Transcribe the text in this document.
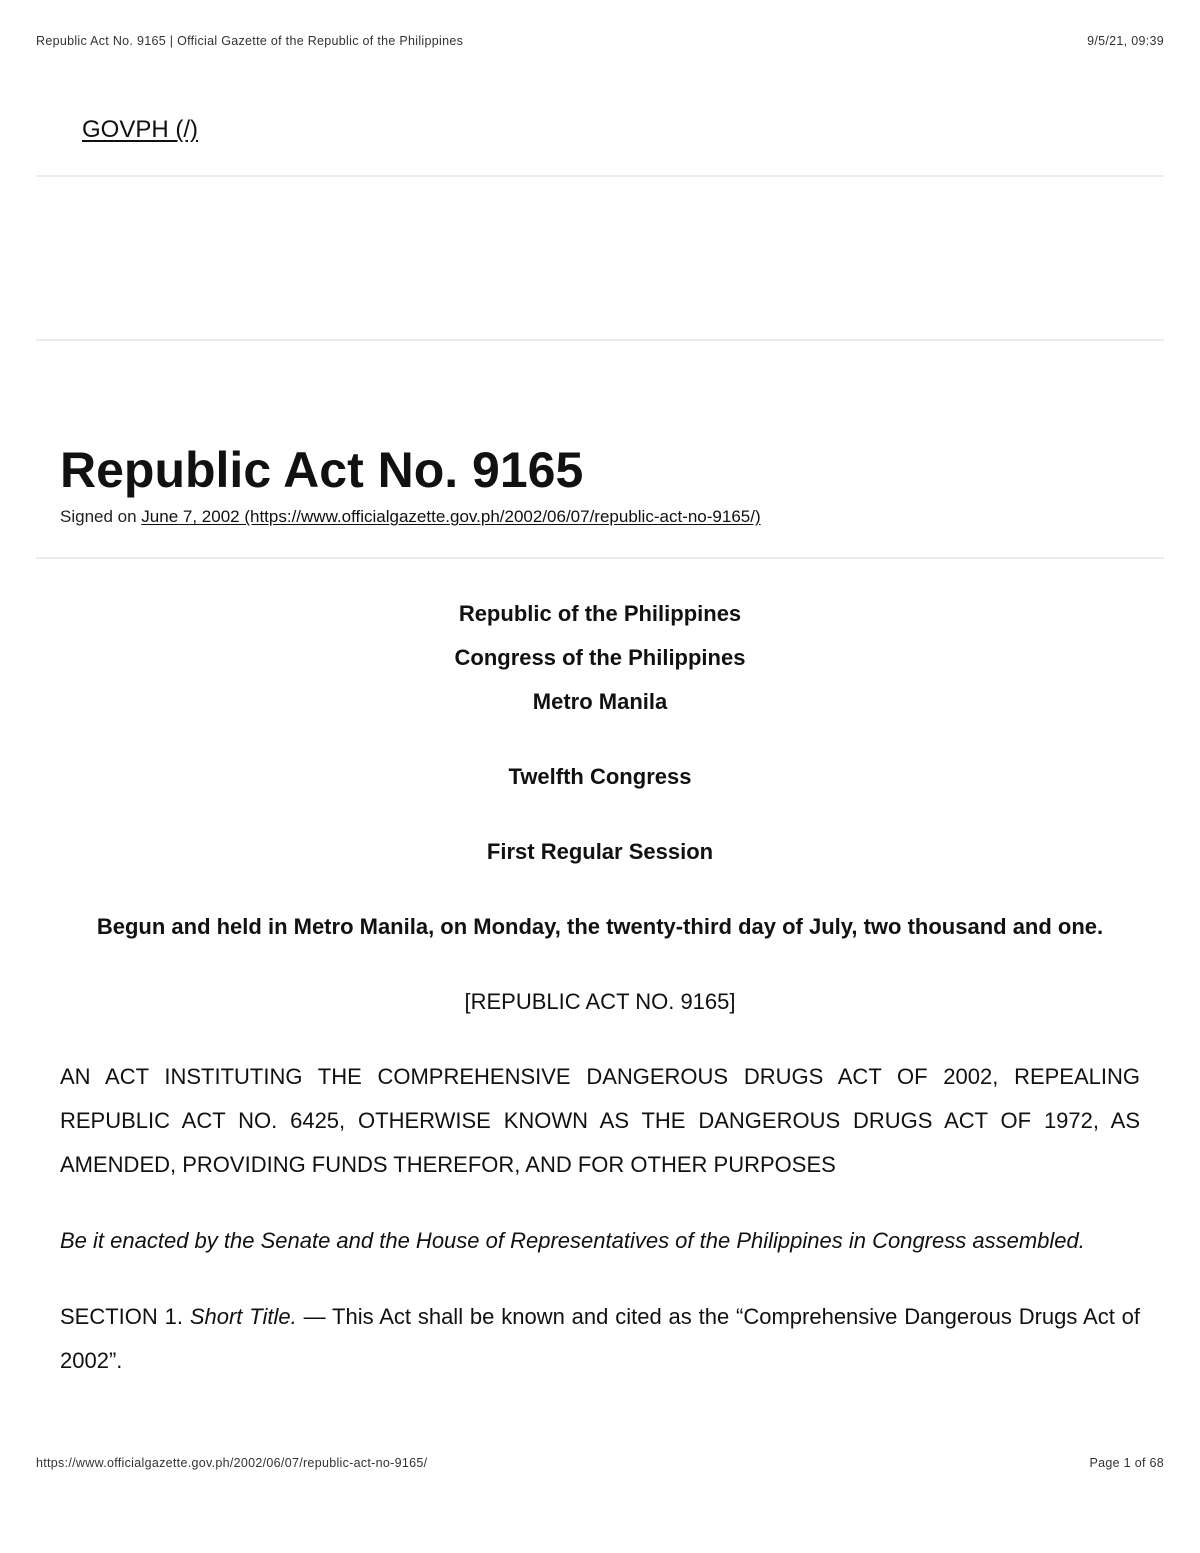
Republic Act No. 9165 | Official Gazette of the Republic of the Philippines	9/5/21, 09:39
GOVPH (/)
Republic Act No. 9165
Signed on June 7, 2002 (https://www.officialgazette.gov.ph/2002/06/07/republic-act-no-9165/)

Republic of the Philippines

Congress of the Philippines

Metro Manila

Twelfth Congress

First Regular Session

Begun and held in Metro Manila, on Monday, the twenty-third day of July, two thousand and one.

[REPUBLIC ACT NO. 9165]

AN ACT INSTITUTING THE COMPREHENSIVE DANGEROUS DRUGS ACT OF 2002, REPEALING REPUBLIC ACT NO. 6425, OTHERWISE KNOWN AS THE DANGEROUS DRUGS ACT OF 1972, AS AMENDED, PROVIDING FUNDS THEREFOR, AND FOR OTHER PURPOSES

Be it enacted by the Senate and the House of Representatives of the Philippines in Congress assembled.

SECTION 1. Short Title. — This Act shall be known and cited as the “Comprehensive Dangerous Drugs Act of 2002”.

https://www.officialgazette.gov.ph/2002/06/07/republic-act-no-9165/	Page 1 of 68
